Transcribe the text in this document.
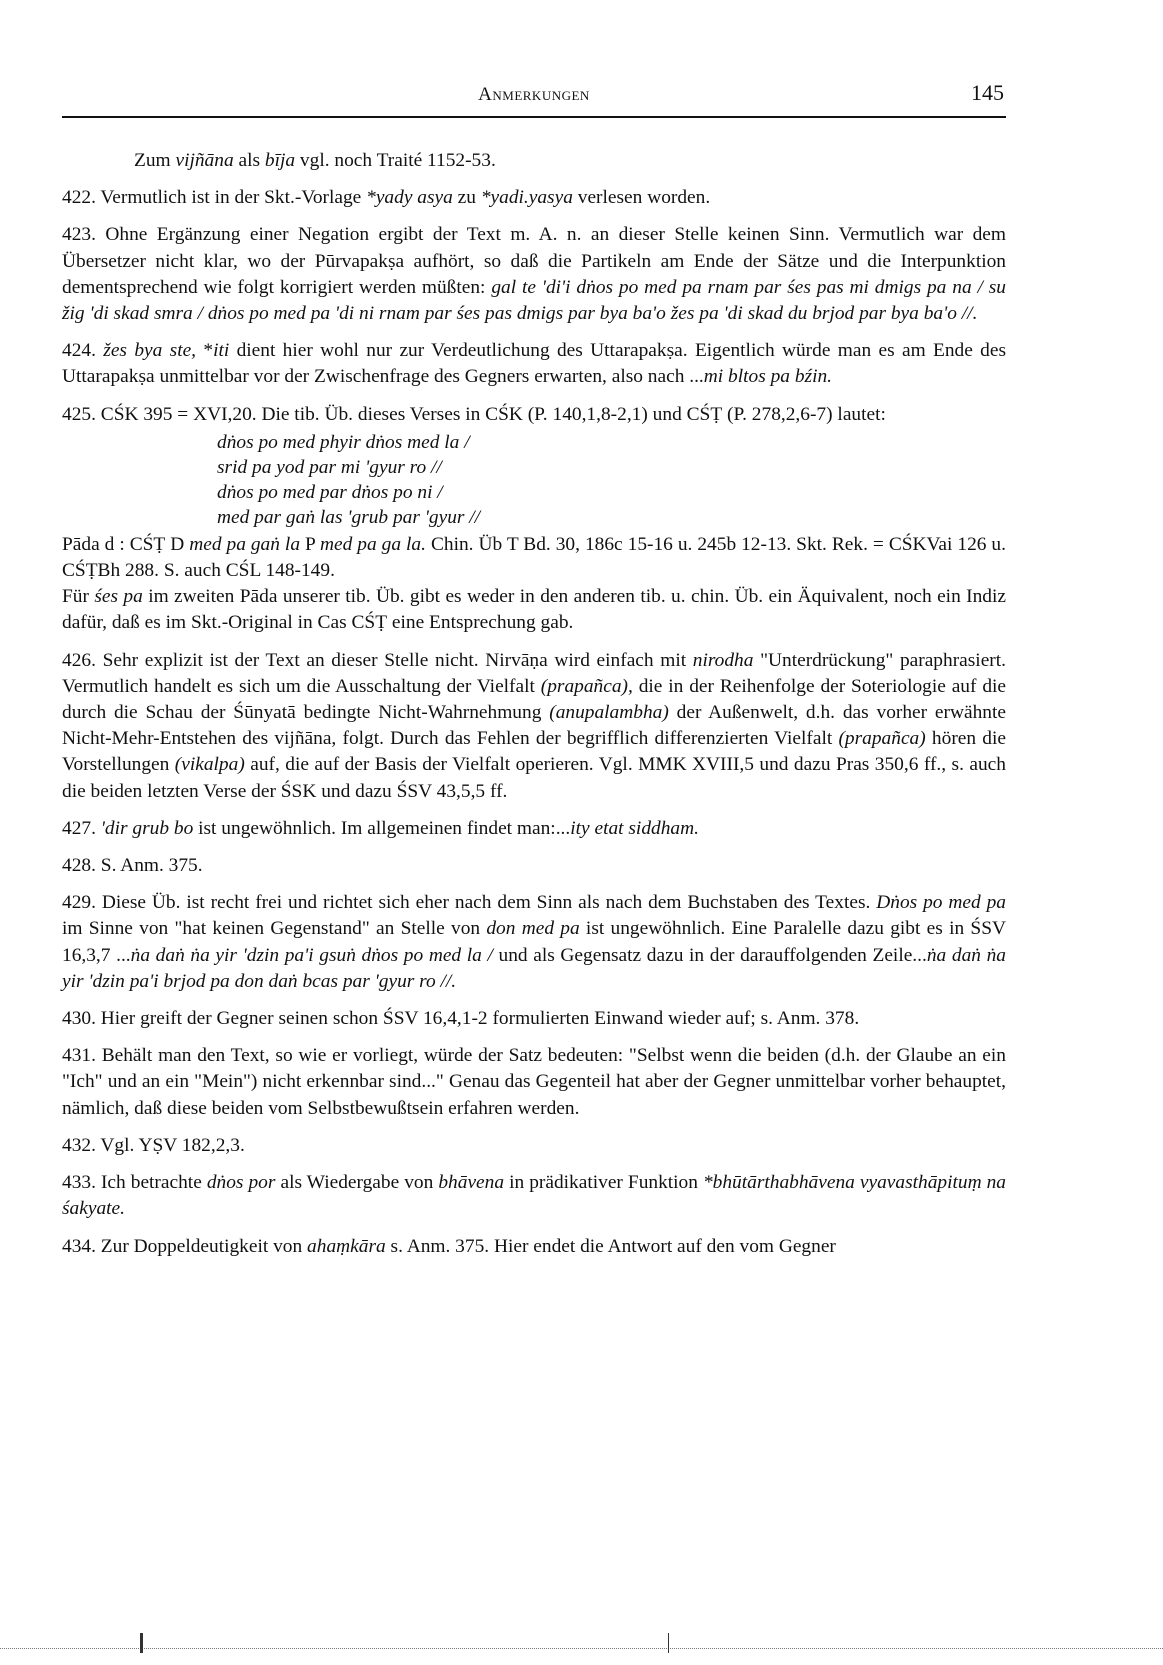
Anmerkungen	145

Zum vijñāna als bīja vgl. noch Traité 1152-53.

422. Vermutlich ist in der Skt.-Vorlage *yady asya zu *yadi.yasya verlesen worden.

423. Ohne Ergänzung einer Negation ergibt der Text m. A. n. an dieser Stelle keinen Sinn. Vermutlich war dem Übersetzer nicht klar, wo der Pūrvapakṣa aufhört, so daß die Partikeln am Ende der Sätze und die Interpunktion dementsprechend wie folgt korrigiert werden müßten: gal te 'di'i dṅos po med pa rnam par śes pas mi dmigs pa na / su žig 'di skad smra / dṅos po med pa 'di ni rnam par śes pas dmigs par bya ba'o žes pa 'di skad du brjod par bya ba'o //.

424. žes bya ste, *iti dient hier wohl nur zur Verdeutlichung des Uttarapakṣa. Eigentlich würde man es am Ende des Uttarapakṣa unmittelbar vor der Zwischenfrage des Gegners erwarten, also nach ...mi bltos pa bźin.

425. CŚK 395 = XVI,20. Die tib. Üb. dieses Verses in CŚK (P. 140,1,8-2,1) und CŚṬ (P. 278,2,6-7) lautet:

dṅos po med phyir dṅos med la /
srid pa yod par mi 'gyur ro //
dṅos po med par dṅos po ni /
med par gaṅ las 'grub par 'gyur //

Pāda d : CŚṬ D med pa gaṅ la P med pa ga la. Chin. Üb T Bd. 30, 186c 15-16 u. 245b 12-13. Skt. Rek. = CŚKVai 126 u. CŚṬBh 288. S. auch CŚL 148-149.

Für śes pa im zweiten Pāda unserer tib. Üb. gibt es weder in den anderen tib. u. chin. Üb. ein Äquivalent, noch ein Indiz dafür, daß es im Skt.-Original in Cas CŚṬ eine Entsprechung gab.

426. Sehr explizit ist der Text an dieser Stelle nicht. Nirvāṇa wird einfach mit nirodha "Unterdrückung" paraphrasiert. Vermutlich handelt es sich um die Ausschaltung der Vielfalt (prapañca), die in der Reihenfolge der Soteriologie auf die durch die Schau der Śūnyatā bedingte Nicht-Wahrnehmung (anupalambha) der Außenwelt, d.h. das vorher erwähnte Nicht-Mehr-Entstehen des vijñāna, folgt. Durch das Fehlen der begrifflich differenzierten Vielfalt (prapañca) hören die Vorstellungen (vikalpa) auf, die auf der Basis der Vielfalt operieren. Vgl. MMK XVIII,5 und dazu Pras 350,6 ff., s. auch die beiden letzten Verse der ŚSK und dazu ŚSV 43,5,5 ff.

427. 'dir grub bo ist ungewöhnlich. Im allgemeinen findet man:...ity etat siddham.

428. S. Anm. 375.

429. Diese Üb. ist recht frei und richtet sich eher nach dem Sinn als nach dem Buchstaben des Textes. Dṅos po med pa im Sinne von "hat keinen Gegenstand" an Stelle von don med pa ist ungewöhnlich. Eine Paralelle dazu gibt es in ŚSV 16,3,7 ...ṅa daṅ ṅa yir 'dzin pa'i gsuṅ dṅos po med la / und als Gegensatz dazu in der darauffolgenden Zeile...ṅa daṅ ṅa yir 'dzin pa'i brjod pa don daṅ bcas par 'gyur ro //.

430. Hier greift der Gegner seinen schon ŚSV 16,4,1-2 formulierten Einwand wieder auf; s. Anm. 378.

431. Behält man den Text, so wie er vorliegt, würde der Satz bedeuten: "Selbst wenn die beiden (d.h. der Glaube an ein "Ich" und an ein "Mein") nicht erkennbar sind..." Genau das Gegenteil hat aber der Gegner unmittelbar vorher behauptet, nämlich, daß diese beiden vom Selbstbewußtsein erfahren werden.

432. Vgl. YṢV 182,2,3.

433. Ich betrachte dṅos por als Wiedergabe von bhāvena in prädikativer Funktion *bhūtārthabhāvena vyavasthāpituṃ na śakyate.

434. Zur Doppeldeutigkeit von ahaṃkāra s. Anm. 375. Hier endet die Antwort auf den vom Gegner
